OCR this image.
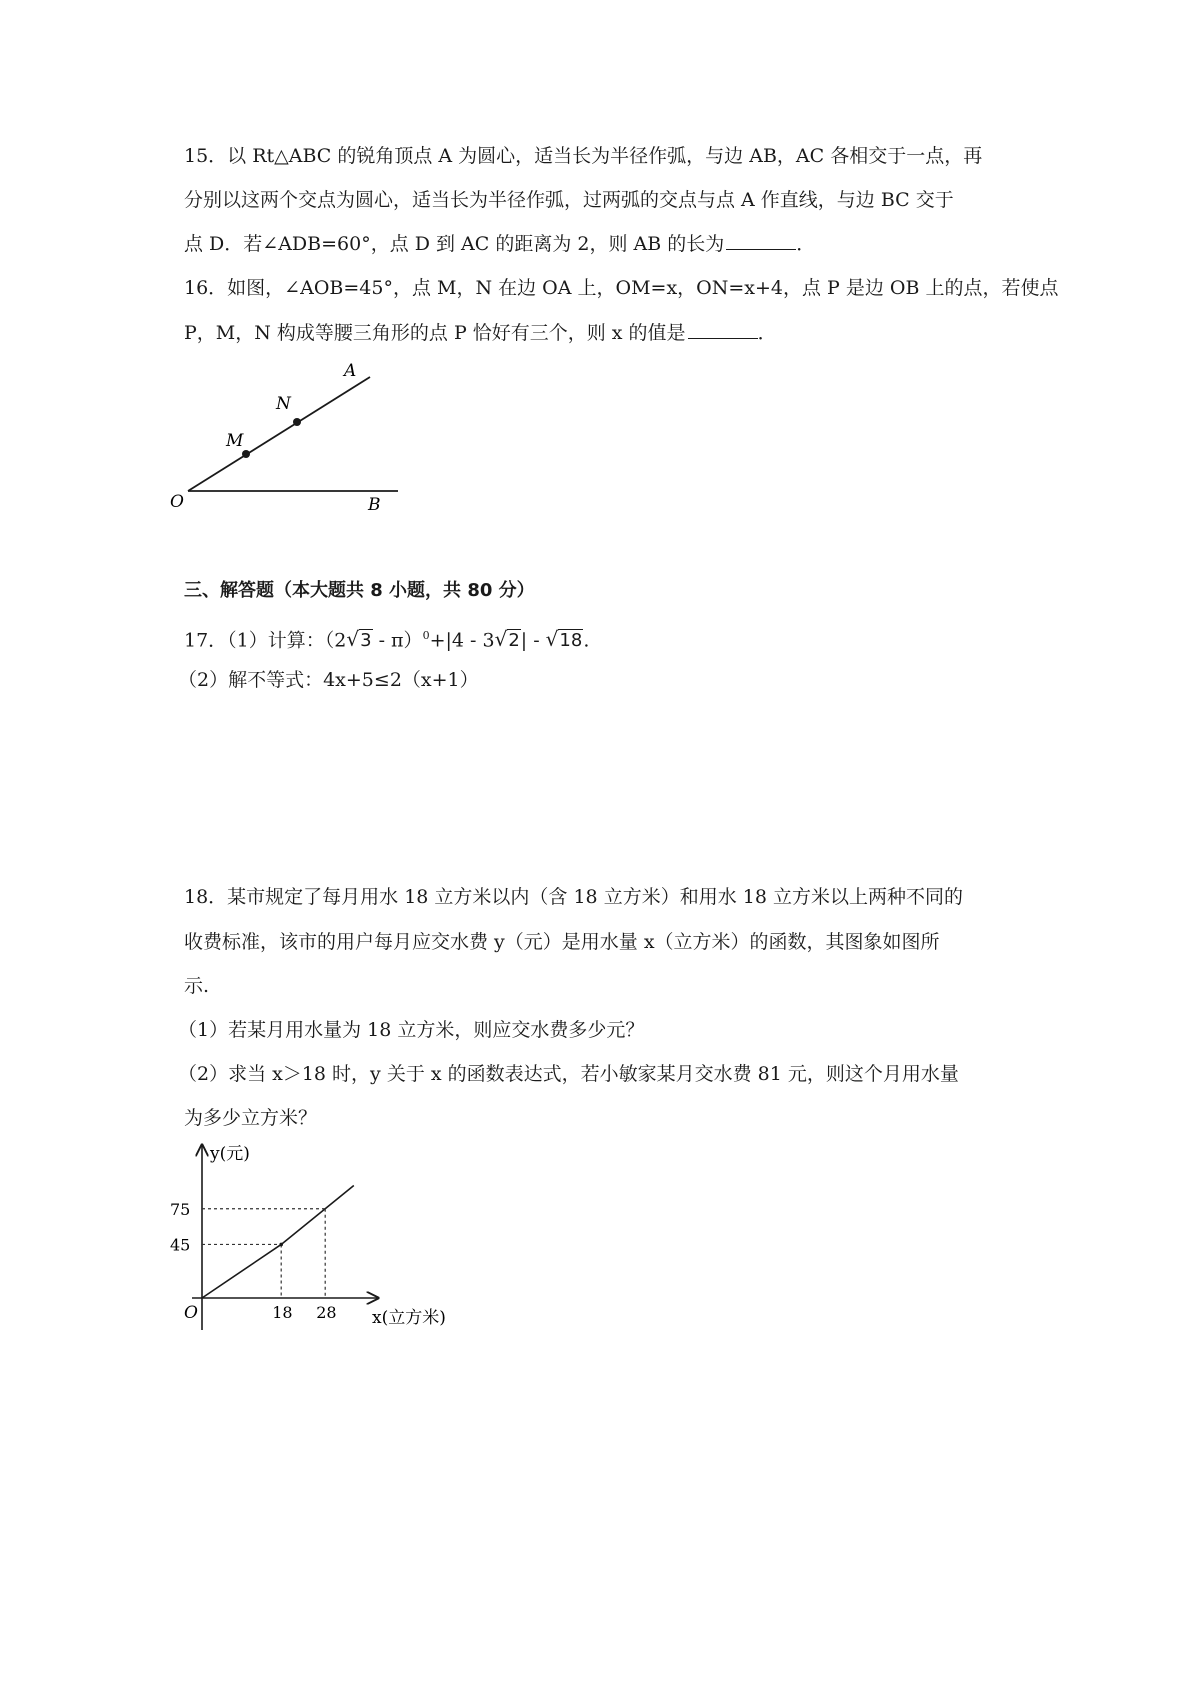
15．以 Rt△ABC 的锐角顶点 A 为圆心，适当长为半径作弧，与边 AB，AC 各相交于一点，再
分别以这两个交点为圆心，适当长为半径作弧，过两弧的交点与点 A 作直线，与边 BC 交于
点 D．若∠ADB=60°，点 D 到 AC 的距离为 2，则 AB 的长为	．
16．如图，∠AOB=45°，点 M，N 在边 OA 上，OM=x，ON=x+4，点 P 是边 OB 上的点，若使点
P，M，N 构成等腰三角形的点 P 恰好有三个，则 x 的值是	．
O	B
A
M
N
三、解答题（本大题共 8 小题，共 80 分）
17．（1）计算：（2√3 - π）$^0$+|4 - 3√2| - √18.
（2）解不等式：4x+5≤2（x+1）
18．某市规定了每月用水 18 立方米以内（含 18 立方米）和用水 18 立方米以上两种不同的
收费标准，该市的用户每月应交水费 y（元）是用水量 x（立方米）的函数，其图象如图所
示.
（1）若某月用水量为 18 立方米，则应交水费多少元？
（2）求当 x＞18 时，y 关于 x 的函数表达式，若小敏家某月交水费 81 元，则这个月用水量
为多少立方米？
75
45
18 28
O
y(元)
x(立方米)
